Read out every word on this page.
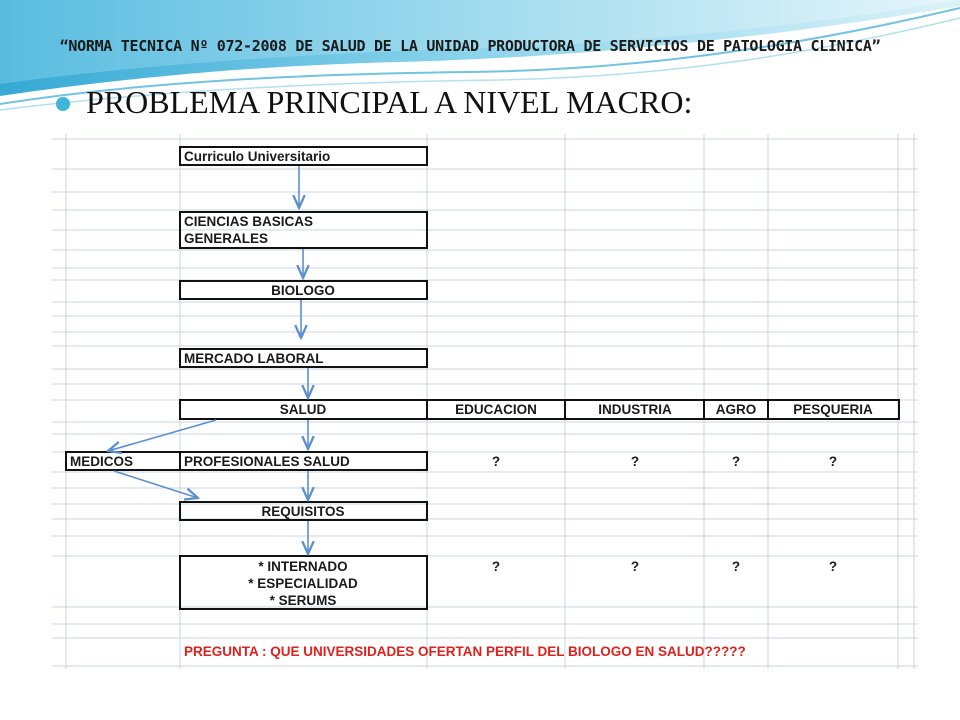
“NORMA TECNICA Nº 072-2008 DE SALUD DE LA UNIDAD PRODUCTORA DE SERVICIOS DE PATOLOGIA CLINICA”
PROBLEMA PRINCIPAL A NIVEL MACRO:
Curriculo Universitario
CIENCIAS BASICAS
GENERALES
BIOLOGO
MERCADO LABORAL
SALUD	EDUCACION	INDUSTRIA	AGRO	PESQUERIA
MEDICOS	PROFESIONALES SALUD	?	?	?	?
REQUISITOS
* INTERNADO
* ESPECIALIDAD
* SERUMS
?	?	?	?
PREGUNTA : QUE UNIVERSIDADES OFERTAN PERFIL DEL BIOLOGO EN SALUD?????
